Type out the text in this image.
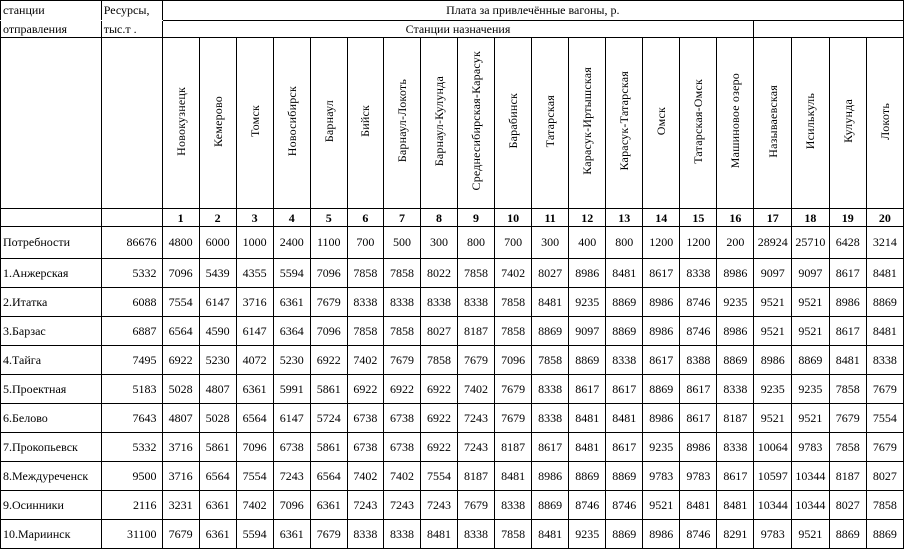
станции	Ресурсы,	Плата за привлечённые вагоны, р.																			
отправления	тыс.т .	Станции назначения																			
		Новокузнецк	Кемерово	Томск	Новосибирск	Барнаул	Бийск	Барнаул-Локоть	Барнаул-Кулунда	Среднесибирская-Карасук	Барабинск	Татарская	Карасук-Иртышская	Карасук-Татарская	Омск	Татарская-Омск	Машиновое озеро	Называевская	Исилькуль	Кулунда	Локоть
		1	2	3	4	5	6	7	8	9	10	11	12	13	14	15	16	17	18	19	20
Потребности	86676	4800	6000	1000	2400	1100	700	500	300	800	700	300	400	800	1200	1200	200	28924	25710	6428	3214
1.Анжерская	5332	7096	5439	4355	5594	7096	7858	7858	8022	7858	7402	8027	8986	8481	8617	8338	8986	9097	9097	8617	8481
2.Итатка	6088	7554	6147	3716	6361	7679	8338	8338	8338	8338	7858	8481	9235	8869	8986	8746	9235	9521	9521	8986	8869
3.Барзас	6887	6564	4590	6147	6364	7096	7858	7858	8027	8187	7858	8869	9097	8869	8986	8746	8986	9521	9521	8617	8481
4.Тайга	7495	6922	5230	4072	5230	6922	7402	7679	7858	7679	7096	7858	8869	8338	8617	8388	8869	8986	8869	8481	8338
5.Проектная	5183	5028	4807	6361	5991	5861	6922	6922	6922	7402	7679	8338	8617	8617	8869	8617	8338	9235	9235	7858	7679
6.Белово	7643	4807	5028	6564	6147	5724	6738	6738	6922	7243	7679	8338	8481	8481	8986	8617	8187	9521	9521	7679	7554
7.Прокопьевск	5332	3716	5861	7096	6738	5861	6738	6738	6922	7243	8187	8617	8481	8617	9235	8986	8338	10064	9783	7858	7679
8.Междуреченск	9500	3716	6564	7554	7243	6564	7402	7402	7554	8187	8481	8986	8869	8869	9783	9783	8617	10597	10344	8187	8027
9.Осинники	2116	3231	6361	7402	7096	6361	7243	7243	7243	7679	8338	8869	8746	8746	9521	8481	8481	10344	10344	8027	7858
10.Мариинск	31100	7679	6361	5594	6361	7679	8338	8338	8481	8338	7858	8481	9235	8869	8986	8746	8291	9783	9521	8869	8869
